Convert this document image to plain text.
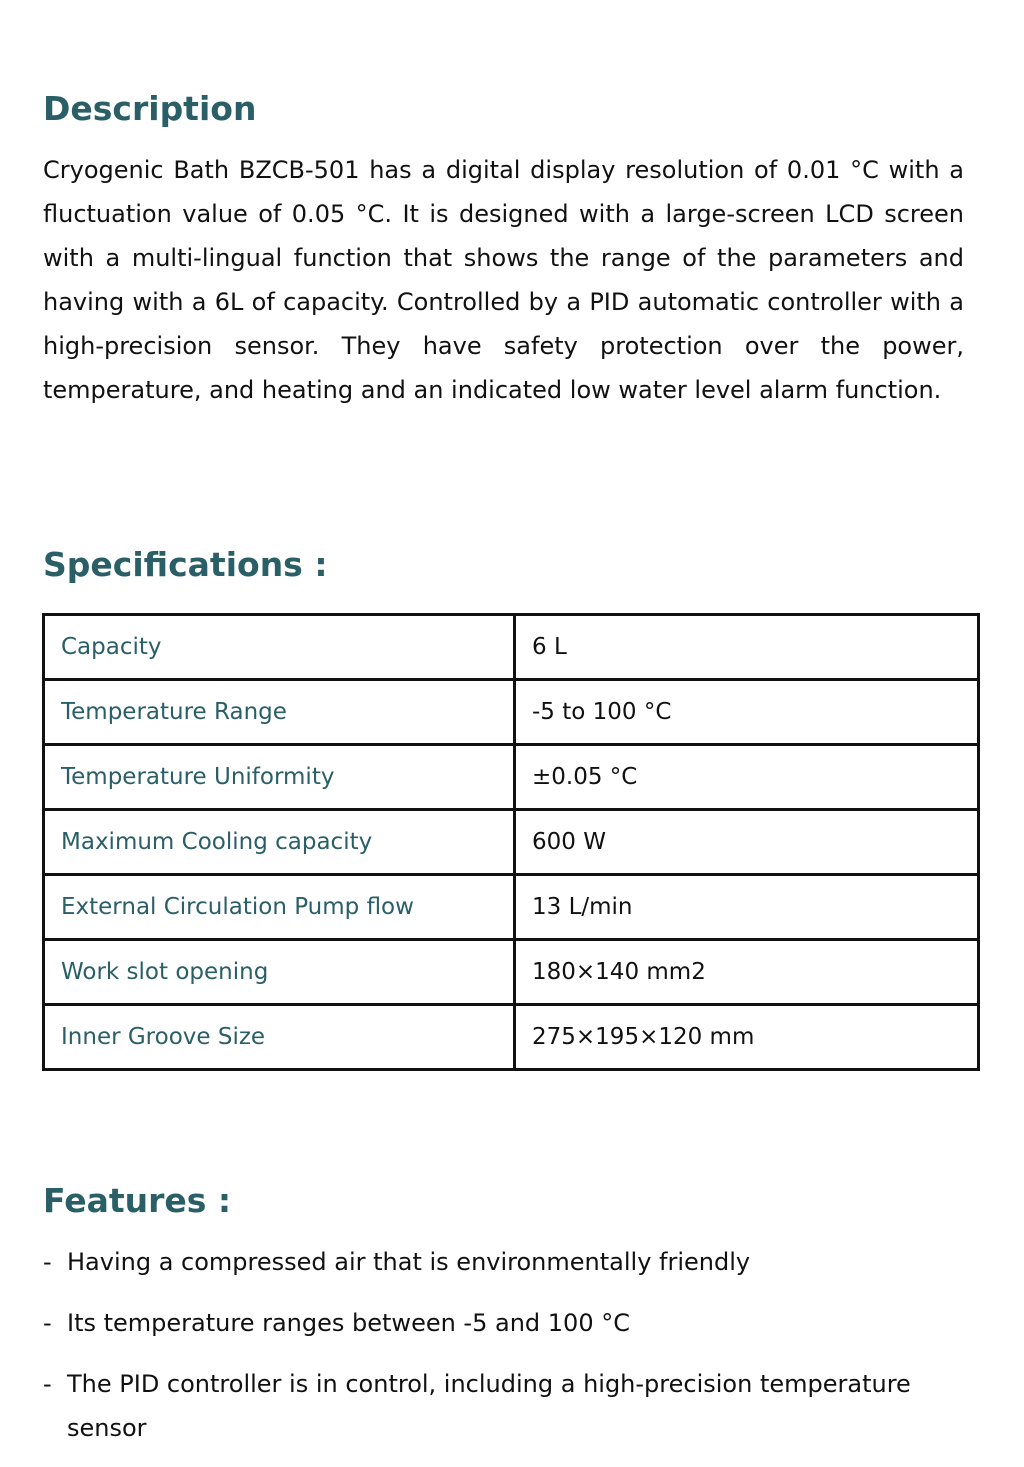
Description

Cryogenic Bath BZCB-501 has a digital display resolution of 0.01 °C with a fluctuation value of 0.05 °C. It is designed with a large-screen LCD screen with a multi-lingual function that shows the range of the parameters and having with a 6L of capacity. Controlled by a PID automatic controller with a high-precision sensor. They have safety protection over the power, temperature, and heating and an indicated low water level alarm function.

Specifications :
Capacity	6 L
Temperature Range	-5 to 100 °C
Temperature Uniformity	±0.05 °C
Maximum Cooling capacity	600 W
External Circulation Pump flow	13 L/min
Work slot opening	180×140 mm2
Inner Groove Size	275×195×120 mm
Features :
- Having a compressed air that is environmentally friendly
- Its temperature ranges between -5 and 100 °C
- The PID controller is in control, including a high-precision temperature sensor
